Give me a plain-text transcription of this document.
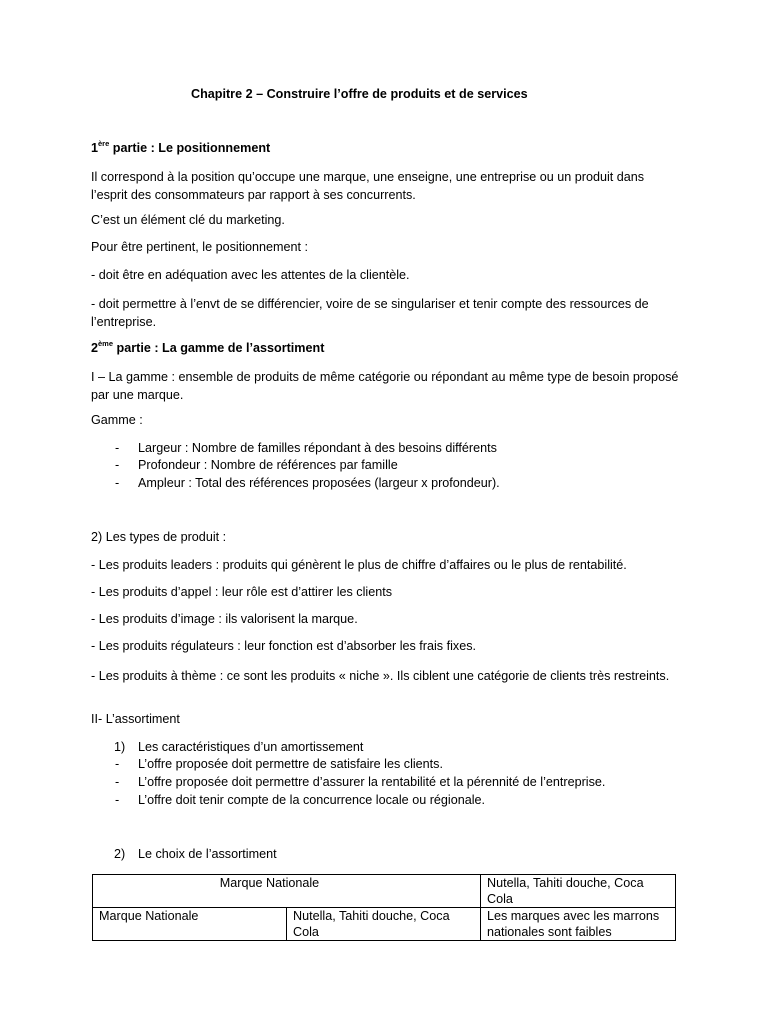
Chapitre 2 – Construire l’offre de produits et de services

1ère partie : Le positionnement

Il correspond à la position qu’occupe une marque, une enseigne, une entreprise ou un produit dans l’esprit des consommateurs par rapport à ses concurrents.

C’est un élément clé du marketing.

Pour être pertinent, le positionnement :

- doit être en adéquation avec les attentes de la clientèle.

- doit permettre à l’envt de se différencier, voire de se singulariser et tenir compte des ressources de l’entreprise.

2ème partie : La gamme de l’assortiment

I – La gamme : ensemble de produits de même catégorie ou répondant au même type de besoin proposé par une marque.

Gamme :

- Largeur : Nombre de familles répondant à des besoins différents

- Profondeur : Nombre de références par famille

- Ampleur : Total des références proposées (largeur x profondeur).

2) Les types de produit :

- Les produits leaders : produits qui génèrent le plus de chiffre d’affaires ou le plus de rentabilité.

- Les produits d’appel : leur rôle est d’attirer les clients

- Les produits d’image : ils valorisent la marque.

- Les produits régulateurs : leur fonction est d’absorber les frais fixes.

- Les produits à thème : ce sont les produits « niche ». Ils ciblent une catégorie de clients très restreints.

II- L’assortiment

1) Les caractéristiques d’un amortissement

- L’offre proposée doit permettre de satisfaire les clients.

- L’offre proposée doit permettre d’assurer la rentabilité et la pérennité de l’entreprise.

- L’offre doit tenir compte de la concurrence locale ou régionale.

2) Le choix de l’assortiment

Marque Nationale		Nutella, Tahiti douche, Coca Cola
Marque Nationale	Nutella, Tahiti douche, Coca Cola	Les marques avec les marrons nationales sont faibles
